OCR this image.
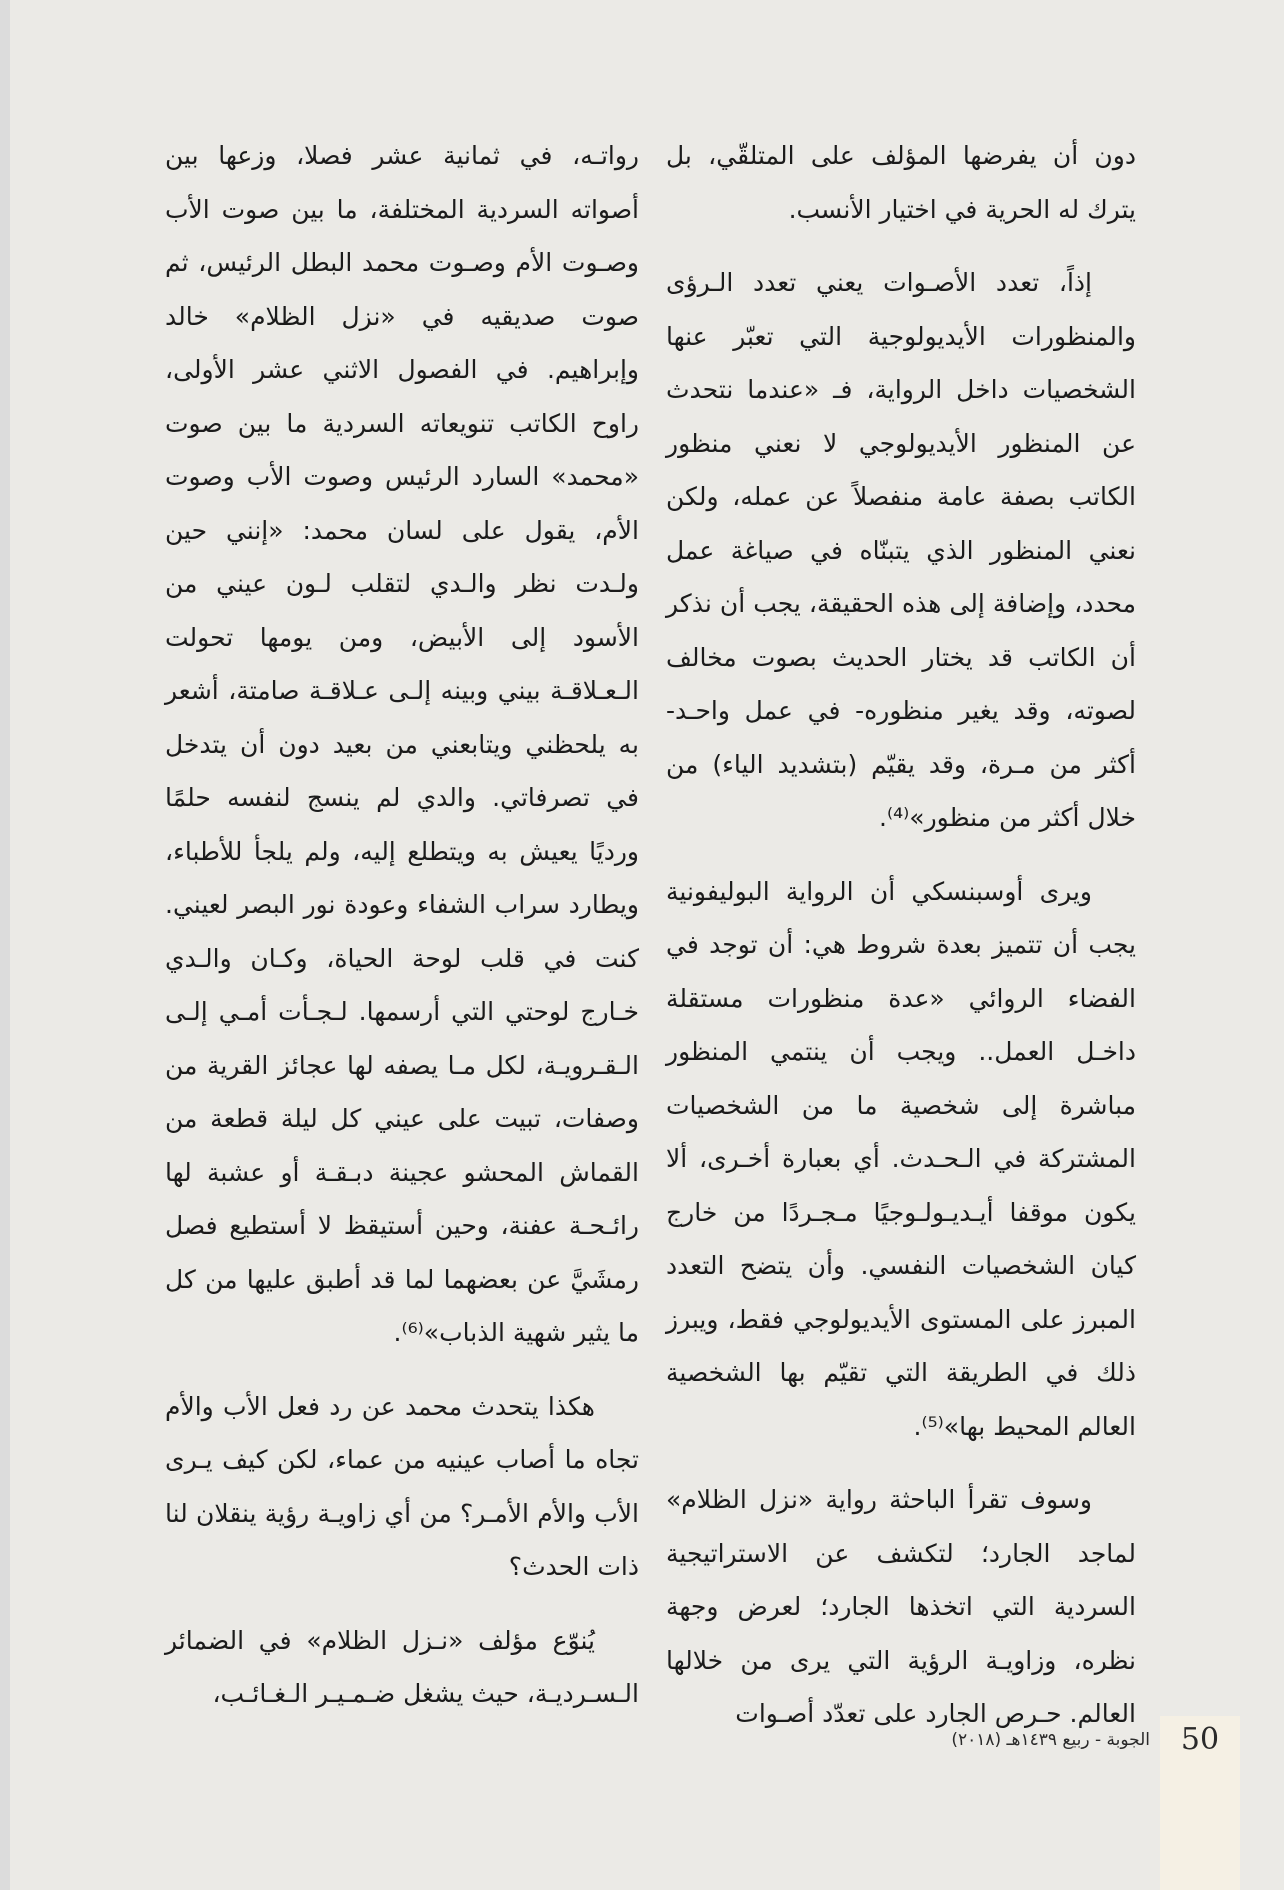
دون أن يفرضها المؤلف على المتلقّي، بل يترك له الحرية في اختيار الأنسب.

إذاً، تعدد الأصـوات يعني تعدد الـرؤى والمنظورات الأيديولوجية التي تعبّر عنها الشخصيات داخل الرواية، فـ «عندما نتحدث عن المنظور الأيديولوجي لا نعني منظور الكاتب بصفة عامة منفصلاً عن عمله، ولكن نعني المنظور الذي يتبنّاه في صياغة عمل محدد، وإضافة إلى هذه الحقيقة، يجب أن نذكر أن الكاتب قد يختار الحديث بصوت مخالف لصوته، وقد يغير منظوره- في عمل واحـد- أكثر من مـرة، وقد يقيّم (بتشديد الياء) من خلال أكثر من منظور»⁽⁴⁾.

ويرى أوسبنسكي أن الرواية البوليفونية يجب أن تتميز بعدة شروط هي: أن توجد في الفضاء الروائي «عدة منظورات مستقلة داخـل العمل.. ويجب أن ينتمي المنظور مباشرة إلى شخصية ما من الشخصيات المشتركة في الـحـدث. أي بعبارة أخـرى، ألا يكون موقفا أيـديـولـوجيًا مـجـردًا من خارج كيان الشخصيات النفسي. وأن يتضح التعدد المبرز على المستوى الأيديولوجي فقط، ويبرز ذلك في الطريقة التي تقيّم بها الشخصية العالم المحيط بها»⁽⁵⁾.

وسوف تقرأ الباحثة رواية «نزل الظلام» لماجد الجارد؛ لتكشف عن الاستراتيجية السردية التي اتخذها الجارد؛ لعرض وجهة نظره، وزاويـة الرؤية التي يرى من خلالها العالم. حـرص الجارد على تعدّد أصـوات

رواتـه، في ثمانية عشر فصلا، وزعها بين أصواته السردية المختلفة، ما بين صوت الأب وصـوت الأم وصـوت محمد البطل الرئيس، ثم صوت صديقيه في «نزل الظلام» خالد وإبراهيم. في الفصول الاثني عشر الأولى، راوح الكاتب تنويعاته السردية ما بين صوت «محمد» السارد الرئيس وصوت الأب وصوت الأم، يقول على لسان محمد: «إنني حين ولـدت نظر والـدي لتقلب لـون عيني من الأسود إلى الأبيض، ومن يومها تحولت الـعـلاقـة بيني وبينه إلـى عـلاقـة صامتة، أشعر به يلحظني ويتابعني من بعيد دون أن يتدخل في تصرفاتي. والدي لم ينسج لنفسه حلمًا ورديًا يعيش به ويتطلع إليه، ولم يلجأ للأطباء، ويطارد سراب الشفاء وعودة نور البصر لعيني. كنت في قلب لوحة الحياة، وكـان والـدي خـارج لوحتي التي أرسمها. لـجـأت أمـي إلـى الـقـرويـة، لكل مـا يصفه لها عجائز القرية من وصفات، تبيت على عيني كل ليلة قطعة من القماش المحشو عجينة دبـقـة أو عشبة لها رائـحـة عفنة، وحين أستيقظ لا أستطيع فصل رمشَيَّ عن بعضهما لما قد أطبق عليها من كل ما يثير شهية الذباب»⁽⁶⁾.

هكذا يتحدث محمد عن رد فعل الأب والأم تجاه ما أصاب عينيه من عماء، لكن كيف يـرى الأب والأم الأمـر؟ من أي زاويـة رؤية ينقلان لنا ذات الحدث؟

يُنوّع مؤلف «نـزل الظلام» في الضمائر الـسـرديـة، حيث يشغل ضـمـيـر الـغـائـب،

50
الجوبة - ربيع ١٤٣٩هـ (٢٠١٨)
